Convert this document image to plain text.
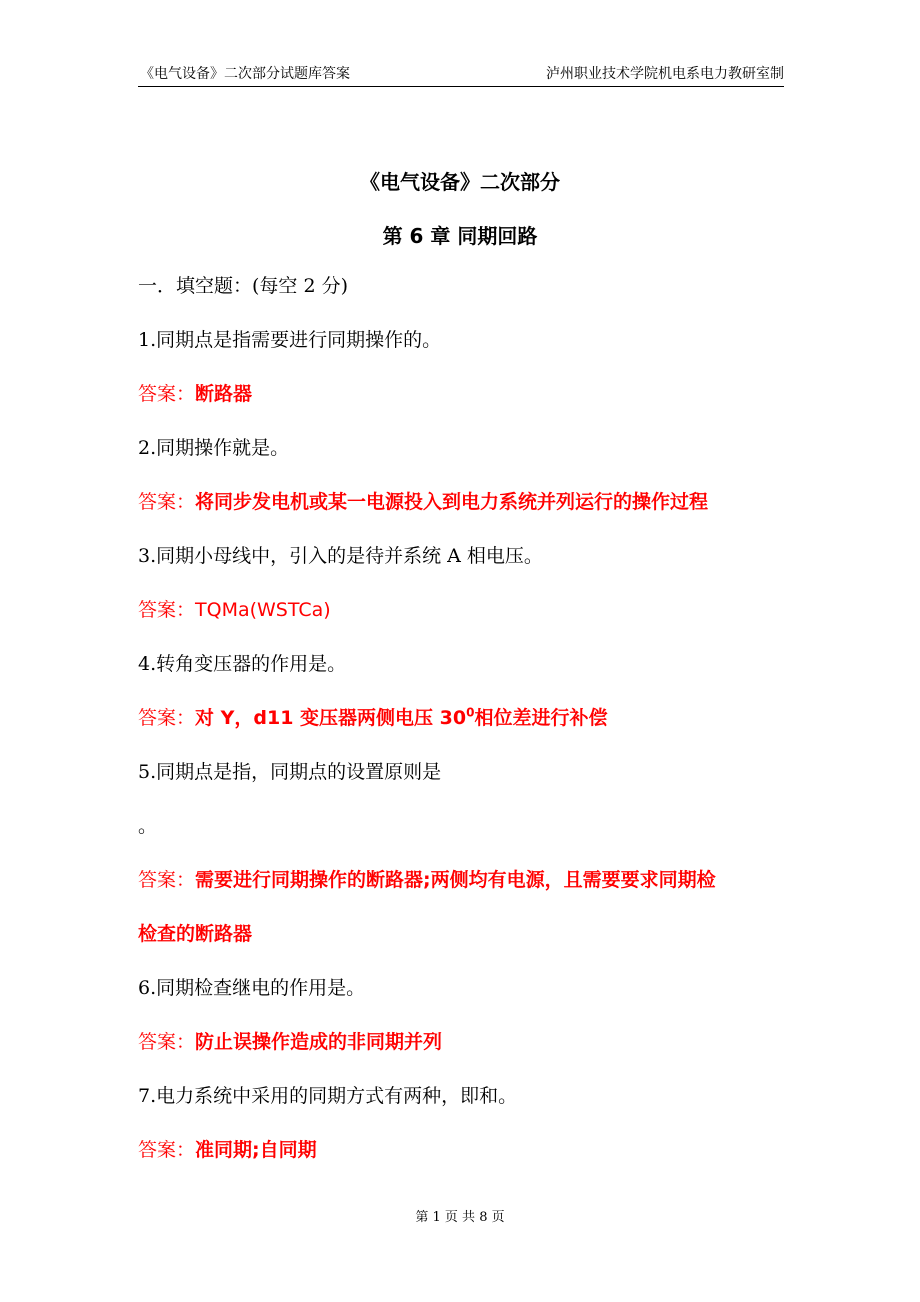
《电气设备》二次部分试题库答案	泸州职业技术学院机电系电力教研室制
《电气设备》二次部分
第 6 章 同期回路
一．填空题：(每空 2 分)
1.同期点是指需要进行同期操作的。
答案：断路器
2.同期操作就是。
答案：将同步发电机或某一电源投入到电力系统并列运行的操作过程
3.同期小母线中，引入的是待并系统 A 相电压。
答案：TQMa(WSTCa)
4.转角变压器的作用是。
答案：对 Y，d11 变压器两侧电压 $30^0$相位差进行补偿
5.同期点是指，同期点的设置原则是
。
答案：需要进行同期操作的断路器;两侧均有电源，且需要要求同期检
检查的断路器
6.同期检查继电的作用是。
答案：防止误操作造成的非同期并列
7.电力系统中采用的同期方式有两种，即和。
答案：准同期;自同期
第 1 页 共 8 页
